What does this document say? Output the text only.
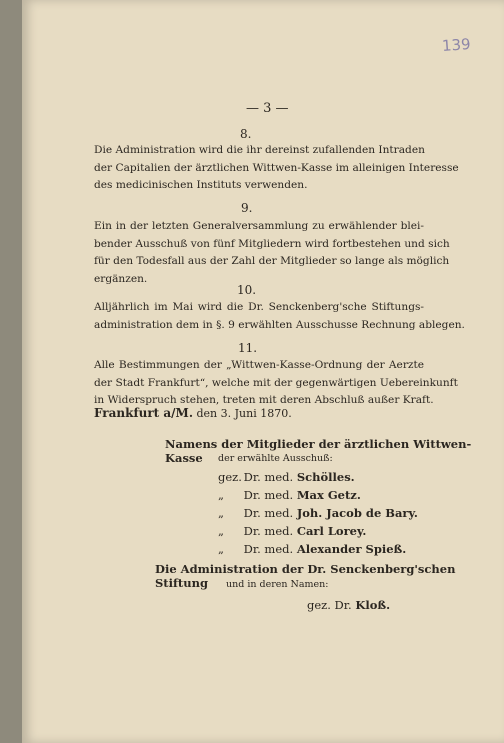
139
— 3 —
8.
Die Administration wird die ihr dereinst zufallenden Intraden
der Capitalien der ärztlichen Wittwen-Kasse im alleinigen Interesse
des medicinischen Instituts verwenden.
9.
Ein in der letzten Generalversammlung zu erwählender blei-
bender Ausschuß von fünf Mitgliedern wird fortbestehen und sich
für den Todesfall aus der Zahl der Mitglieder so lange als möglich
ergänzen.
10.
Alljährlich im Mai wird die Dr. Senckenberg'sche Stiftungs-
administration dem in §. 9 erwählten Ausschusse Rechnung ablegen.
11.
Alle Bestimmungen der „Wittwen-Kasse-Ordnung der Aerzte
der Stadt Frankfurt“, welche mit der gegenwärtigen Uebereinkunft
in Widerspruch stehen, treten mit deren Abschluß außer Kraft.
Frankfurt a/M. den 3. Juni 1870.
Namens der Mitglieder der ärztlichen Wittwen-Kasse	der erwählte Ausschuß:
gez. Dr. med. Schölles.
„ Dr. med. Max Getz.
„ Dr. med. Joh. Jacob de Bary.
„ Dr. med. Carl Lorey.
„ Dr. med. Alexander Spieß.
Die Administration der Dr. Senckenberg'schen Stiftung	und in deren Namen:
gez. Dr. Kloß.
